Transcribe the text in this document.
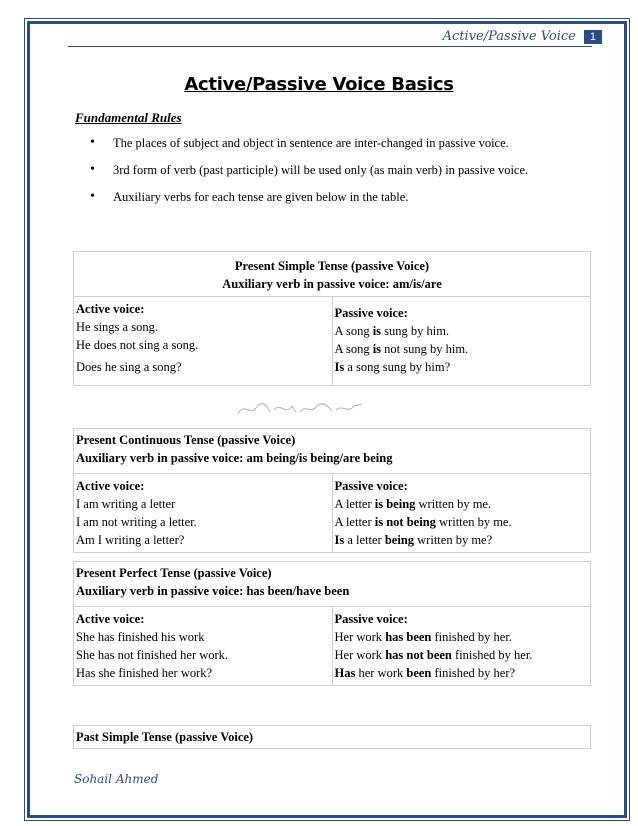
Active/Passive Voice	1
Active/Passive Voice Basics
Fundamental Rules
• The places of subject and object in sentence are inter-changed in passive voice.
• 3rd form of verb (past participle) will be used only (as main verb) in passive voice.
• Auxiliary verbs for each tense are given below in the table.
Present Simple Tense (passive Voice)
Auxiliary verb in passive voice: am/is/are

Active voice:
He sings a song.
He does not sing a song.
Does he sing a song?

Passive voice:
A song is sung by him.
A song is not sung by him.
Is a song sung by him?
Present Continuous Tense (passive Voice)
Auxiliary verb in passive voice: am being/is being/are being

Active voice:
I am writing a letter
I am not writing a letter.
Am I writing a letter?

Passive voice:
A letter is being written by me.
A letter is not being written by me.
Is a letter being written by me?
Present Perfect Tense (passive Voice)
Auxiliary verb in passive voice: has been/have been

Active voice:
She has finished his work
She has not finished her work.
Has she finished her work?

Passive voice:
Her work has been finished by her.
Her work has not been finished by her.
Has her work been finished by her?
Past Simple Tense (passive Voice)
Sohail Ahmed
